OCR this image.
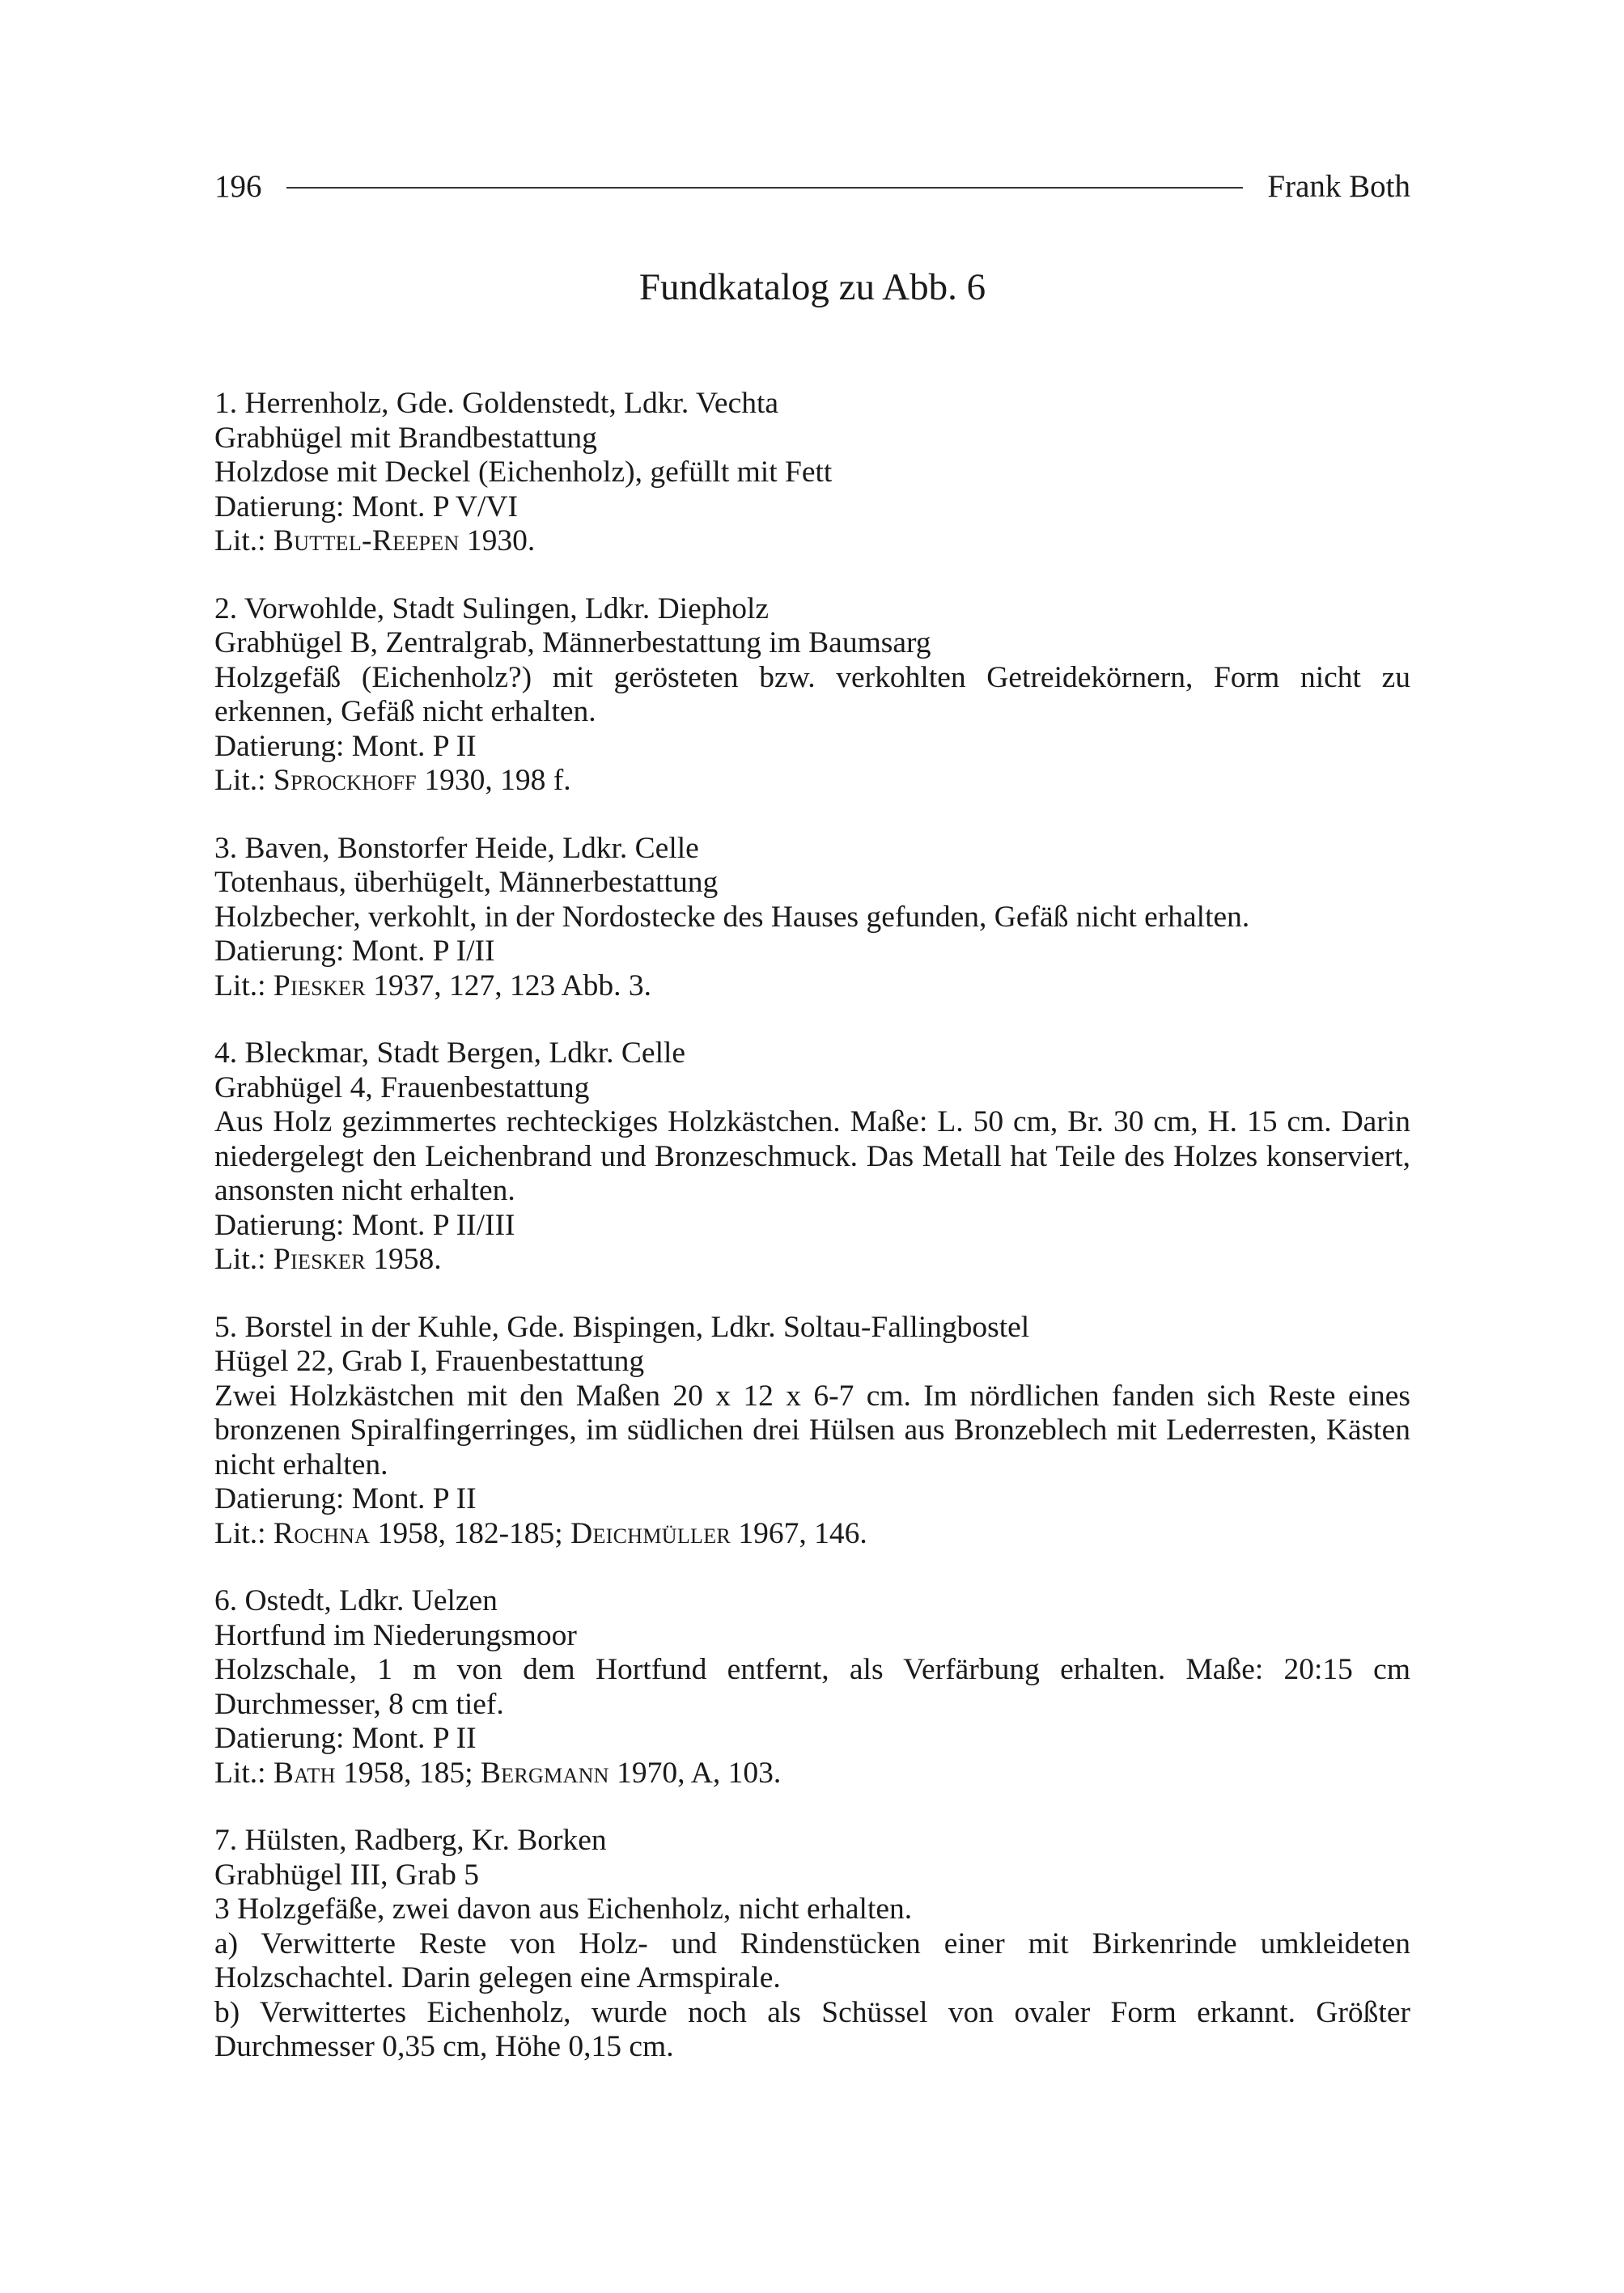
196	Frank Both
Fundkatalog zu Abb. 6

1. Herrenholz, Gde. Goldenstedt, Ldkr. Vechta

Grabhügel mit Brandbestattung

Holzdose mit Deckel (Eichenholz), gefüllt mit Fett

Datierung: Mont. P V/VI

Lit.: Buttel-Reepen 1930.

2. Vorwohlde, Stadt Sulingen, Ldkr. Diepholz

Grabhügel B, Zentralgrab, Männerbestattung im Baumsarg

Holzgefäß (Eichenholz?) mit gerösteten bzw. verkohlten Getreidekörnern, Form nicht zu erkennen, Gefäß nicht erhalten.

Datierung: Mont. P II

Lit.: Sprockhoff 1930, 198 f.

3. Baven, Bonstorfer Heide, Ldkr. Celle

Totenhaus, überhügelt, Männerbestattung

Holzbecher, verkohlt, in der Nordostecke des Hauses gefunden, Gefäß nicht erhalten.

Datierung: Mont. P I/II

Lit.: Piesker 1937, 127, 123 Abb. 3.

4. Bleckmar, Stadt Bergen, Ldkr. Celle

Grabhügel 4, Frauenbestattung

Aus Holz gezimmertes rechteckiges Holzkästchen. Maße: L. 50 cm, Br. 30 cm, H. 15 cm. Darin niedergelegt den Leichenbrand und Bronzeschmuck. Das Metall hat Teile des Holzes konserviert, ansonsten nicht erhalten.

Datierung: Mont. P II/III

Lit.: Piesker 1958.

5. Borstel in der Kuhle, Gde. Bispingen, Ldkr. Soltau-Fallingbostel

Hügel 22, Grab I, Frauenbestattung

Zwei Holzkästchen mit den Maßen 20 x 12 x 6-7 cm. Im nördlichen fanden sich Reste eines bronzenen Spiralfingerringes, im südlichen drei Hülsen aus Bronzeblech mit Lederresten, Kästen nicht erhalten.

Datierung: Mont. P II

Lit.: Rochna 1958, 182-185; Deichmüller 1967, 146.

6. Ostedt, Ldkr. Uelzen

Hortfund im Niederungsmoor

Holzschale, 1 m von dem Hortfund entfernt, als Verfärbung erhalten. Maße: 20:15 cm Durchmesser, 8 cm tief.

Datierung: Mont. P II

Lit.: Bath 1958, 185; Bergmann 1970, A, 103.

7. Hülsten, Radberg, Kr. Borken

Grabhügel III, Grab 5

3 Holzgefäße, zwei davon aus Eichenholz, nicht erhalten.

a) Verwitterte Reste von Holz- und Rindenstücken einer mit Birkenrinde umkleideten Holzschachtel. Darin gelegen eine Armspirale.

b) Verwittertes Eichenholz, wurde noch als Schüssel von ovaler Form erkannt. Größter Durchmesser 0,35 cm, Höhe 0,15 cm.
